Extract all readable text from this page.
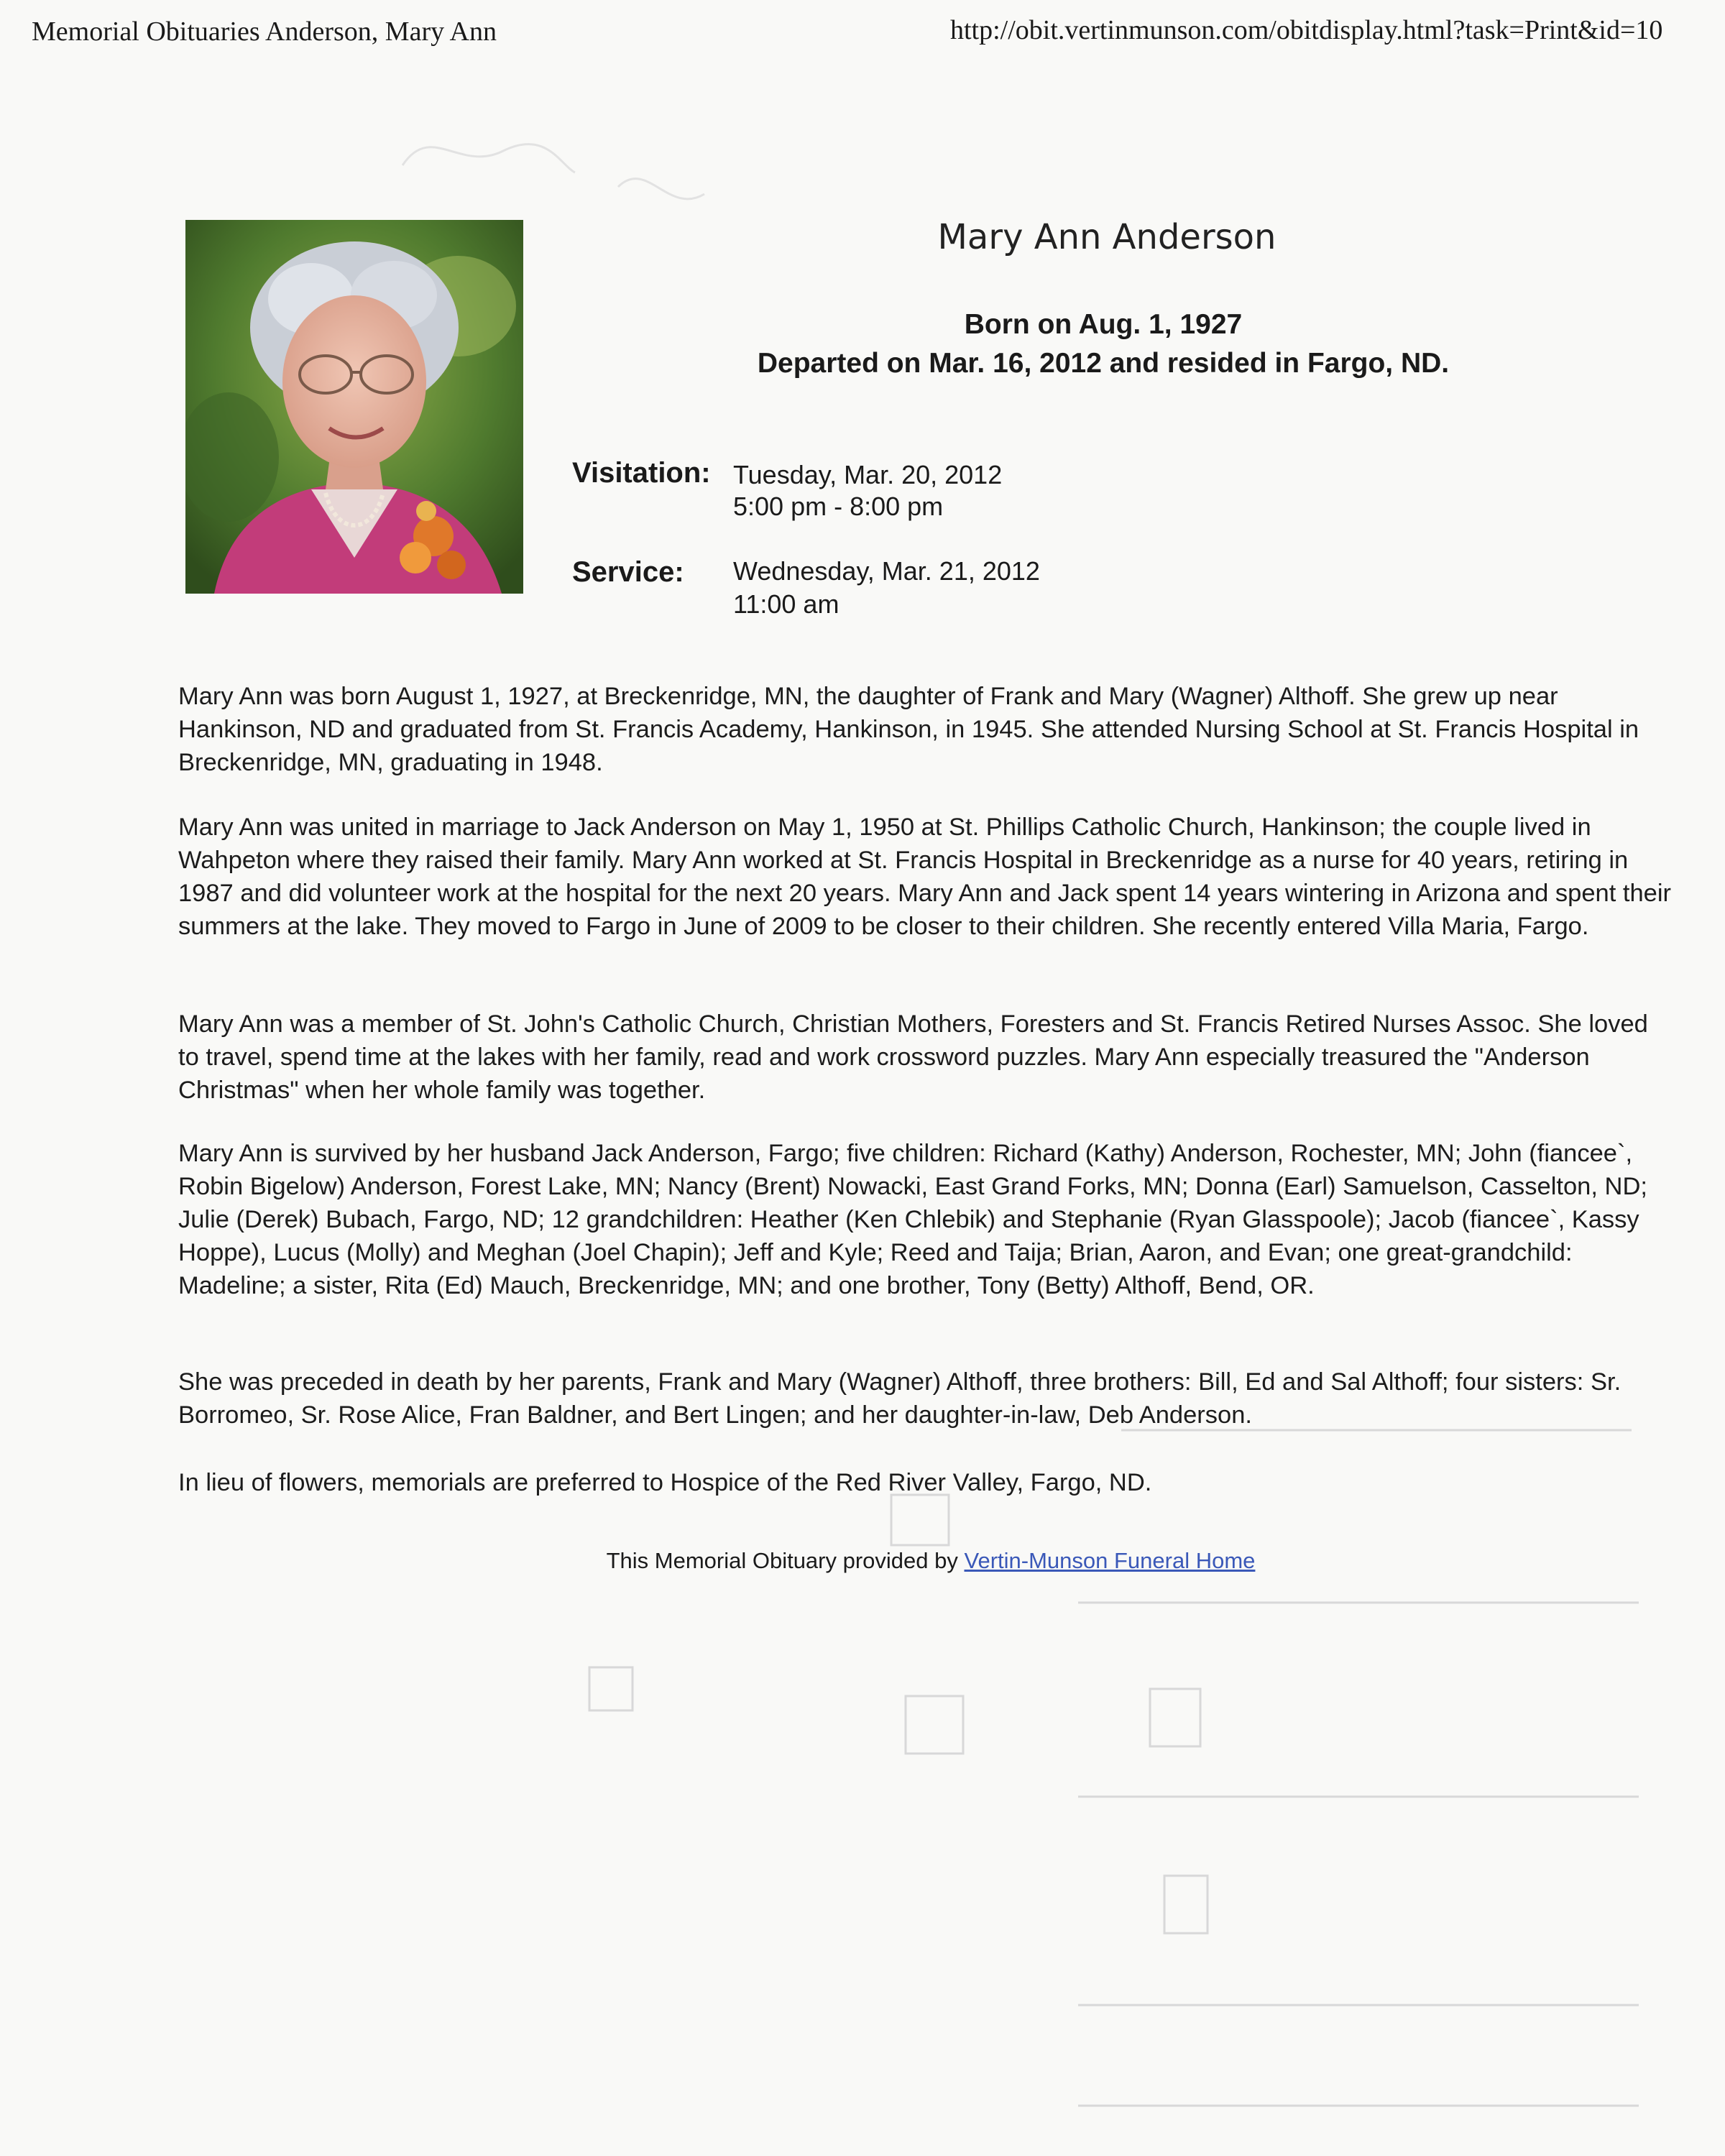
Memorial Obituaries Anderson, Mary Ann	http://obit.vertinmunson.com/obitdisplay.html?task=Print&id=10
Mary Ann Anderson
Born on Aug. 1, 1927
Departed on Mar. 16, 2012 and resided in Fargo, ND.
Visitation: Tuesday, Mar. 20, 2012
5:00 pm - 8:00 pm
Service:	Wednesday, Mar. 21, 2012
11:00 am

Mary Ann was born August 1, 1927, at Breckenridge, MN, the daughter of Frank and Mary (Wagner) Althoff. She grew up near Hankinson, ND and graduated from St. Francis Academy, Hankinson, in 1945. She attended Nursing School at St. Francis Hospital in Breckenridge, MN, graduating in 1948.

Mary Ann was united in marriage to Jack Anderson on May 1, 1950 at St. Phillips Catholic Church, Hankinson; the couple lived in Wahpeton where they raised their family. Mary Ann worked at St. Francis Hospital in Breckenridge as a nurse for 40 years, retiring in 1987 and did volunteer work at the hospital for the next 20 years. Mary Ann and Jack spent 14 years wintering in Arizona and spent their summers at the lake. They moved to Fargo in June of 2009 to be closer to their children. She recently entered Villa Maria, Fargo.

Mary Ann was a member of St. John's Catholic Church, Christian Mothers, Foresters and St. Francis Retired Nurses Assoc. She loved to travel, spend time at the lakes with her family, read and work crossword puzzles. Mary Ann especially treasured the "Anderson Christmas" when her whole family was together.

Mary Ann is survived by her husband Jack Anderson, Fargo; five children: Richard (Kathy) Anderson, Rochester, MN; John (fiancee`, Robin Bigelow) Anderson, Forest Lake, MN; Nancy (Brent) Nowacki, East Grand Forks, MN; Donna (Earl) Samuelson, Casselton, ND; Julie (Derek) Bubach, Fargo, ND; 12 grandchildren: Heather (Ken Chlebik) and Stephanie (Ryan Glasspoole); Jacob (fiancee`, Kassy Hoppe), Lucus (Molly) and Meghan (Joel Chapin); Jeff and Kyle; Reed and Taija; Brian, Aaron, and Evan; one great-grandchild: Madeline; a sister, Rita (Ed) Mauch, Breckenridge, MN; and one brother, Tony (Betty) Althoff, Bend, OR.

She was preceded in death by her parents, Frank and Mary (Wagner) Althoff, three brothers: Bill, Ed and Sal Althoff; four sisters: Sr. Borromeo, Sr. Rose Alice, Fran Baldner, and Bert Lingen; and her daughter-in-law, Deb Anderson.

In lieu of flowers, memorials are preferred to Hospice of the Red River Valley, Fargo, ND.

This Memorial Obituary provided by Vertin-Munson Funeral Home
